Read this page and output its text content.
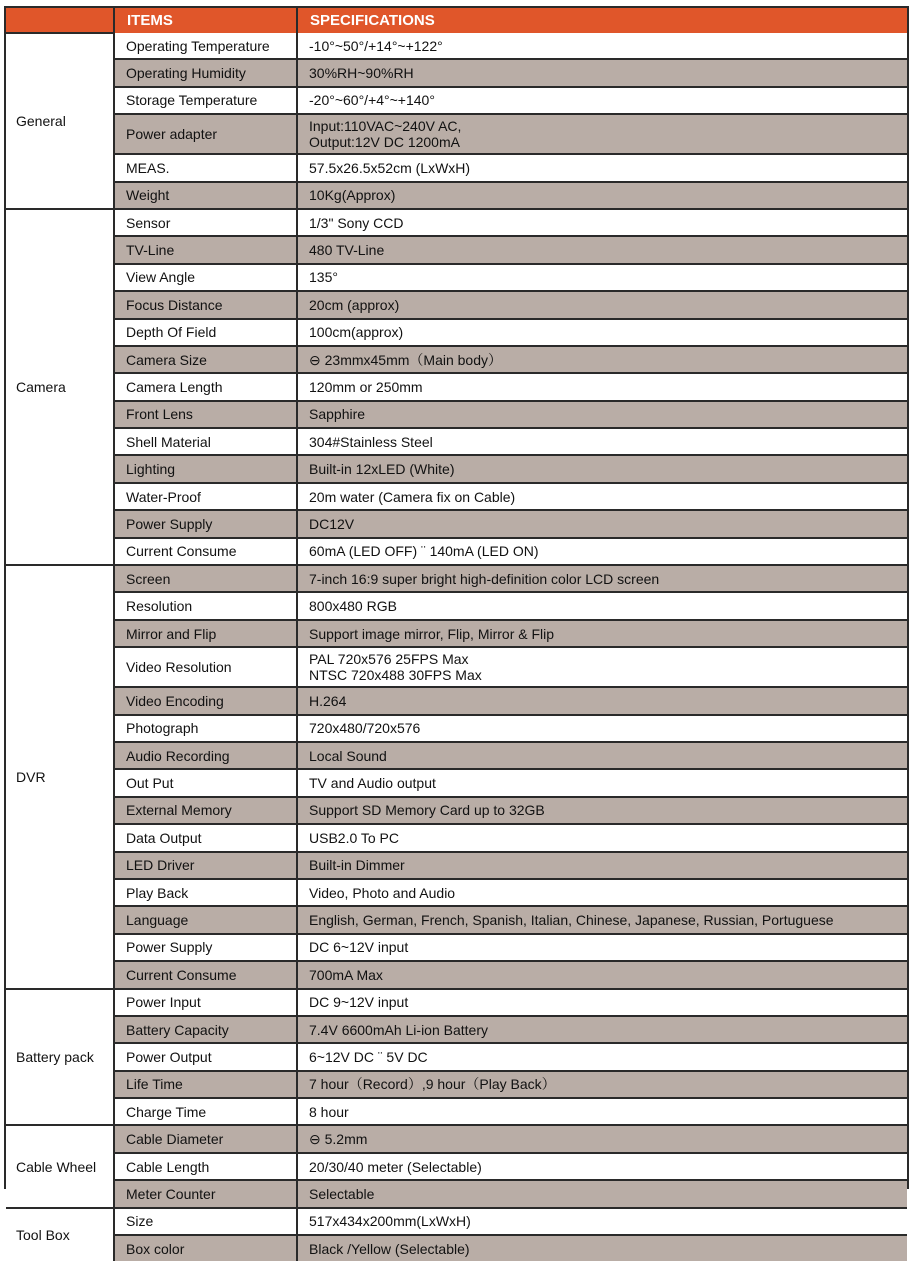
	ITEMS	SPECIFICATIONS
General	Operating Temperature	-10°~50°/+14°~+122°
	Operating Humidity	30%RH~90%RH
	Storage Temperature	-20°~60°/+4°~+140°
	Power adapter	Input:110VAC~240V AC,
Output:12V DC 1200mA
	MEAS.	57.5x26.5x52cm (LxWxH)
	Weight	10Kg(Approx)
Camera	Sensor	1/3" Sony CCD
	TV-Line	480 TV-Line
	View Angle	135°
	Focus Distance	20cm (approx)
	Depth Of Field	100cm(approx)
	Camera Size	⊖ 23mmx45mm（Main body）
	Camera Length	120mm or 250mm
	Front Lens	Sapphire
	Shell Material	304#Stainless Steel
	Lighting	Built-in 12xLED (White)
	Water-Proof	20m water (Camera fix on Cable)
	Power Supply	DC12V
	Current Consume	60mA (LED OFF) ¨ 140mA (LED ON)
DVR	Screen	7-inch 16:9 super bright high-definition color LCD screen
	Resolution	800x480 RGB
	Mirror and Flip	Support image mirror, Flip, Mirror & Flip
	Video Resolution	PAL 720x576 25FPS Max
NTSC 720x488 30FPS Max
	Video Encoding	H.264
	Photograph	720x480/720x576
	Audio Recording	Local Sound
	Out Put	TV and Audio output
	External Memory	Support SD Memory Card up to 32GB
	Data Output	USB2.0 To PC
	LED Driver	Built-in Dimmer
	Play Back	Video, Photo and Audio
	Language	English, German, French, Spanish, Italian, Chinese, Japanese, Russian, Portuguese
	Power Supply	DC 6~12V input
	Current Consume	700mA Max
Battery pack	Power Input	DC 9~12V input
	Battery Capacity	7.4V 6600mAh Li-ion Battery
	Power Output	6~12V DC ¨ 5V DC
	Life Time	7 hour（Record）,9 hour（Play Back）
	Charge Time	8 hour
Cable Wheel	Cable Diameter	⊖ 5.2mm
	Cable Length	20/30/40 meter (Selectable)
	Meter Counter	Selectable
Tool Box	Size	517x434x200mm(LxWxH)
	Box color	Black /Yellow (Selectable)
